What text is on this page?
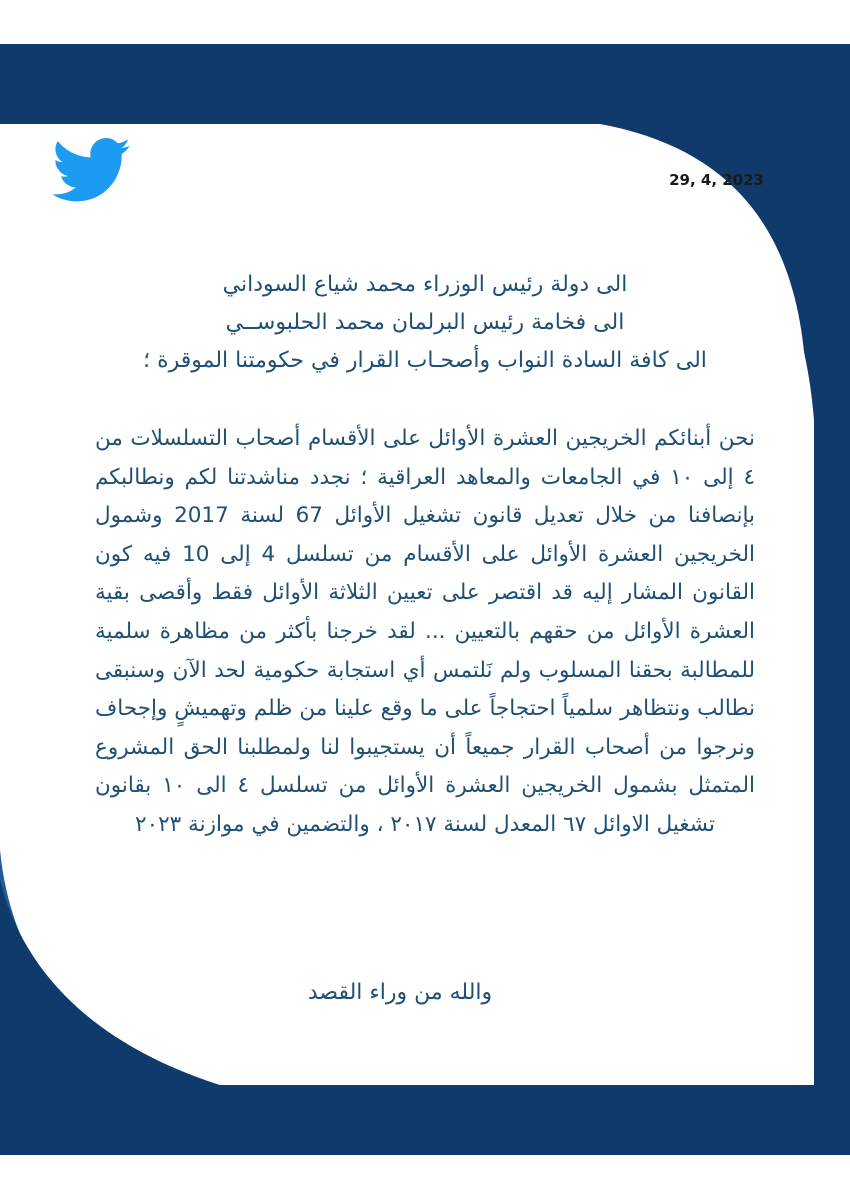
29, 4, 2023

الى دولة رئيس الوزراء محمد شياع السوداني

الى فخامة رئيس البرلمان محمد الحلبوســي

الى كافة السادة النواب وأصحـاب القرار في حكومتنا الموقرة ؛

نحن أبنائكم الخريجين العشرة الأوائل على الأقسام أصحاب التسلسلات من ٤ إلى ١٠ في الجامعات والمعاهد العراقية ؛ نجدد مناشدتنا لكم ونطالبكم بإنصافنا من خلال تعديل قانون تشغيل الأوائل 67 لسنة 2017 وشمول الخريجين العشرة الأوائل على الأقسام من تسلسل 4 إلى 10 فيه كون القانون المشار إليه قد اقتصر على تعيين الثلاثة الأوائل فقط وأقصى بقية العشرة الأوائل من حقهم بالتعيين ... لقد خرجنا بأكثر من مظاهرة سلمية للمطالبة بحقنا المسلوب ولم نَلتمس أي استجابة حكومية لحد الآن وسنبقى نطالب ونتظاهر سلمياً احتجاجاً على ما وقع علينا من ظلم وتهميشٍ وإجحاف ونرجوا من أصحاب القرار جميعاً أن يستجيبوا لنا ولمطلبنا الحق المشروع المتمثل بشمول الخريجين العشرة الأوائل من تسلسل ٤ الى ١٠ بقانون تشغيل الاوائل ٦٧ المعدل لسنة ٢٠١٧ ، والتضمين في موازنة ٢٠٢٣

والله من وراء القصد
